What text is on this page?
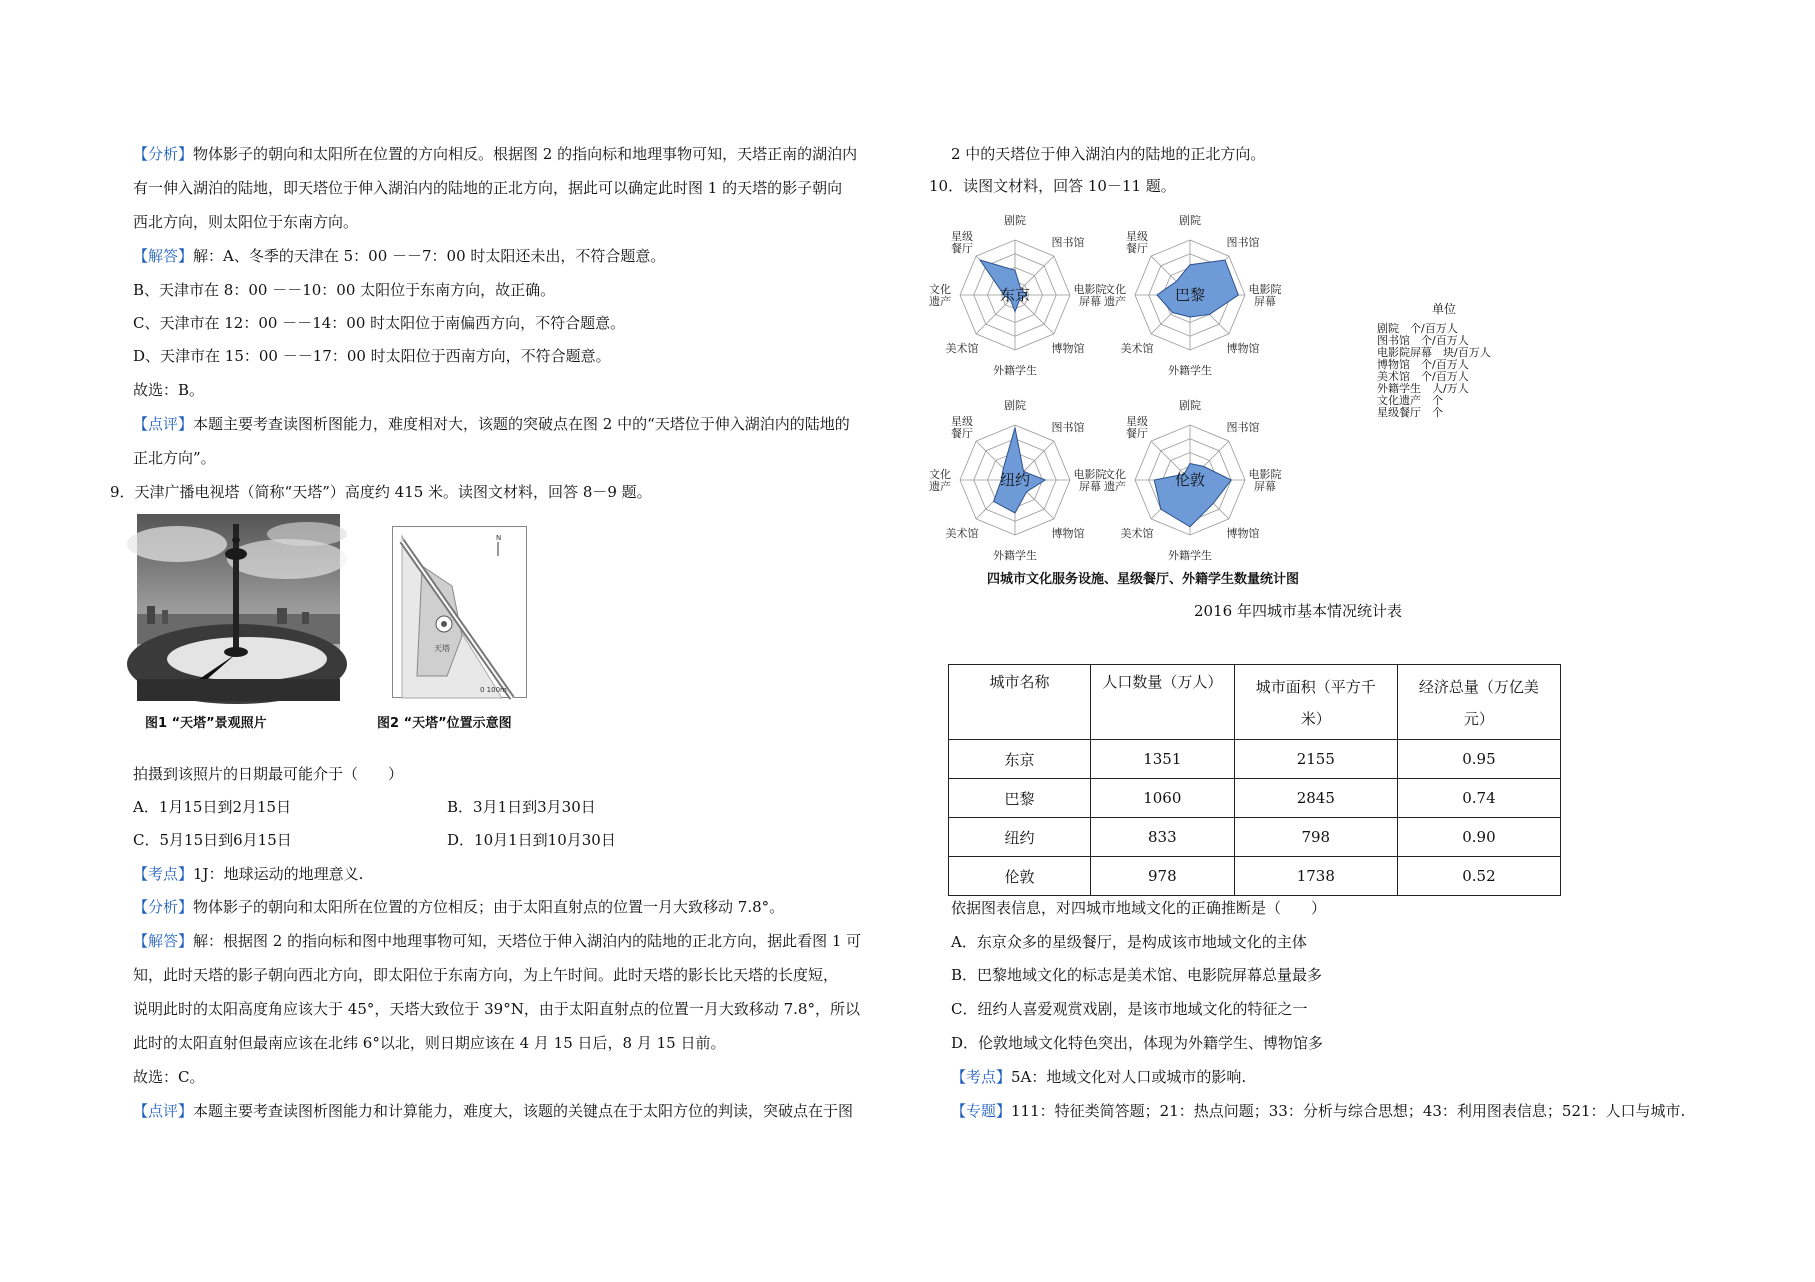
【分析】物体影子的朝向和太阳所在位置的方向相反。根据图 2 的指向标和地理事物可知，天塔正南的湖泊内
有一伸入湖泊的陆地，即天塔位于伸入湖泊内的陆地的正北方向，据此可以确定此时图 1 的天塔的影子朝向
西北方向，则太阳位于东南方向。
【解答】解：A、冬季的天津在 5：00 －－7：00 时太阳还未出，不符合题意。
B、天津市在 8：00 －－10：00 太阳位于东南方向，故正确。
C、天津市在 12：00 －－14：00 时太阳位于南偏西方向，不符合题意。
D、天津市在 15：00 －－17：00 时太阳位于西南方向，不符合题意。
故选：B。
【点评】本题主要考查读图析图能力，难度相对大，该题的突破点在图 2 中的“天塔位于伸入湖泊内的陆地的
正北方向”。
9．天津广播电视塔（简称“天塔”）高度约 415 米。读图文材料，回答 8－9 题。
天塔
N
0 100m
图1 “天塔”景观照片	图2 “天塔”位置示意图
拍摄到该照片的日期最可能介于（　　）
A．1月15日到2月15日	B．3月1日到3月30日
C．5月15日到6月15日	D．10月1日到10月30日
【考点】1J：地球运动的地理意义.
【分析】物体影子的朝向和太阳所在位置的方位相反；由于太阳直射点的位置一月大致移动 7.8°。
【解答】解：根据图 2 的指向标和图中地理事物可知，天塔位于伸入湖泊内的陆地的正北方向，据此看图 1 可
知，此时天塔的影子朝向西北方向，即太阳位于东南方向，为上午时间。此时天塔的影长比天塔的长度短，
说明此时的太阳高度角应该大于 45°，天塔大致位于 39°N，由于太阳直射点的位置一月大致移动 7.8°，所以
此时的太阳直射但最南应该在北纬 6°以北，则日期应该在 4 月 15 日后，8 月 15 日前。
故选：C。
【点评】本题主要考查读图析图能力和计算能力，难度大，该题的关键点在于太阳方位的判读，突破点在于图
2 中的天塔位于伸入湖泊内的陆地的正北方向。
10．读图文材料，回答 10－11 题。
东京
剧院
图书馆
电影院
屏幕
博物馆
外籍学生
美术馆
文化
遗产
星级
餐厅
巴黎
剧院
图书馆
电影院
屏幕
博物馆
外籍学生
美术馆
文化
遗产
星级
餐厅
纽约
剧院
图书馆
电影院
屏幕
博物馆
外籍学生
美术馆
文化
遗产
星级
餐厅
伦敦
剧院
图书馆
电影院
屏幕
博物馆
外籍学生
美术馆
文化
遗产
星级
餐厅
单位
剧院　个/百万人
图书馆　个/百万人
电影院屏幕　块/百万人
博物馆　个/百万人
美术馆　个/百万人
外籍学生　人/万人
文化遗产　个
星级餐厅　个
四城市文化服务设施、星级餐厅、外籍学生数量统计图
2016 年四城市基本情况统计表
城市名称	人口数量（万人）	城市面积（平方千米）	经济总量（万亿美元）
东京	1351	2155	0.95
巴黎	1060	2845	0.74
纽约	833	798	0.90
伦敦	978	1738	0.52
依据图表信息，对四城市地域文化的正确推断是（　　）
A．东京众多的星级餐厅，是构成该市地域文化的主体
B．巴黎地域文化的标志是美术馆、电影院屏幕总量最多
C．纽约人喜爱观赏戏剧，是该市地域文化的特征之一
D．伦敦地域文化特色突出，体现为外籍学生、博物馆多
【考点】5A：地域文化对人口或城市的影响.
【专题】111：特征类简答题；21：热点问题；33：分析与综合思想；43：利用图表信息；521：人口与城市.
